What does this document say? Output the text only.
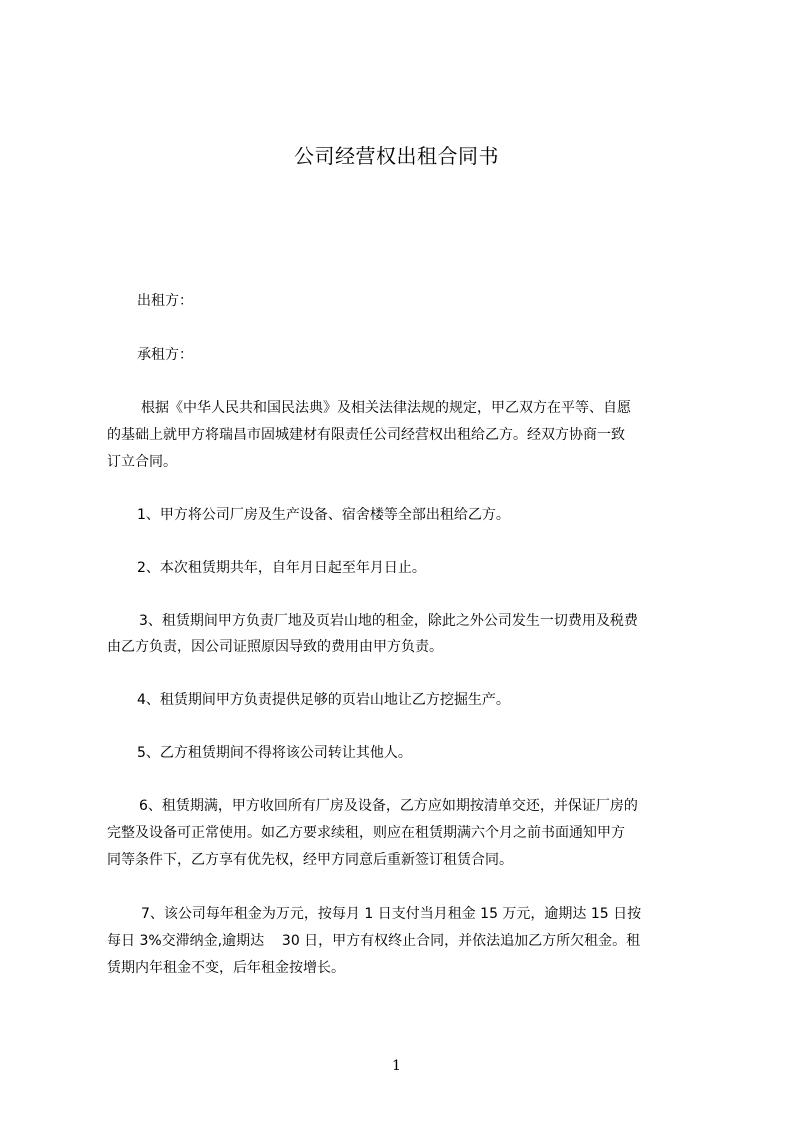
公司经营权出租合同书
出租方：
承租方：
根据《中华人民共和国民法典》及相关法律法规的规定，甲乙双方在平等、自愿
的基础上就甲方将瑞昌市固城建材有限责任公司经营权出租给乙方。经双方协商一致
订立合同。
1、甲方将公司厂房及生产设备、宿舍楼等全部出租给乙方。
2、本次租赁期共年，自年月日起至年月日止。
3、租赁期间甲方负责厂地及页岩山地的租金，除此之外公司发生一切费用及税费
由乙方负责，因公司证照原因导致的费用由甲方负责。
4、租赁期间甲方负责提供足够的页岩山地让乙方挖掘生产。
5、乙方租赁期间不得将该公司转让其他人。
6、租赁期满，甲方收回所有厂房及设备，乙方应如期按清单交还，并保证厂房的
完整及设备可正常使用。如乙方要求续租，则应在租赁期满六个月之前书面通知甲方
同等条件下，乙方享有优先权，经甲方同意后重新签订租赁合同。
7、该公司每年租金为万元，按每月 1 日支付当月租金 15 万元，逾期达 15 日按
每日 3%交滞纳金,逾期达    30 日，甲方有权终止合同，并依法追加乙方所欠租金。租
赁期内年租金不变，后年租金按增长。
1
